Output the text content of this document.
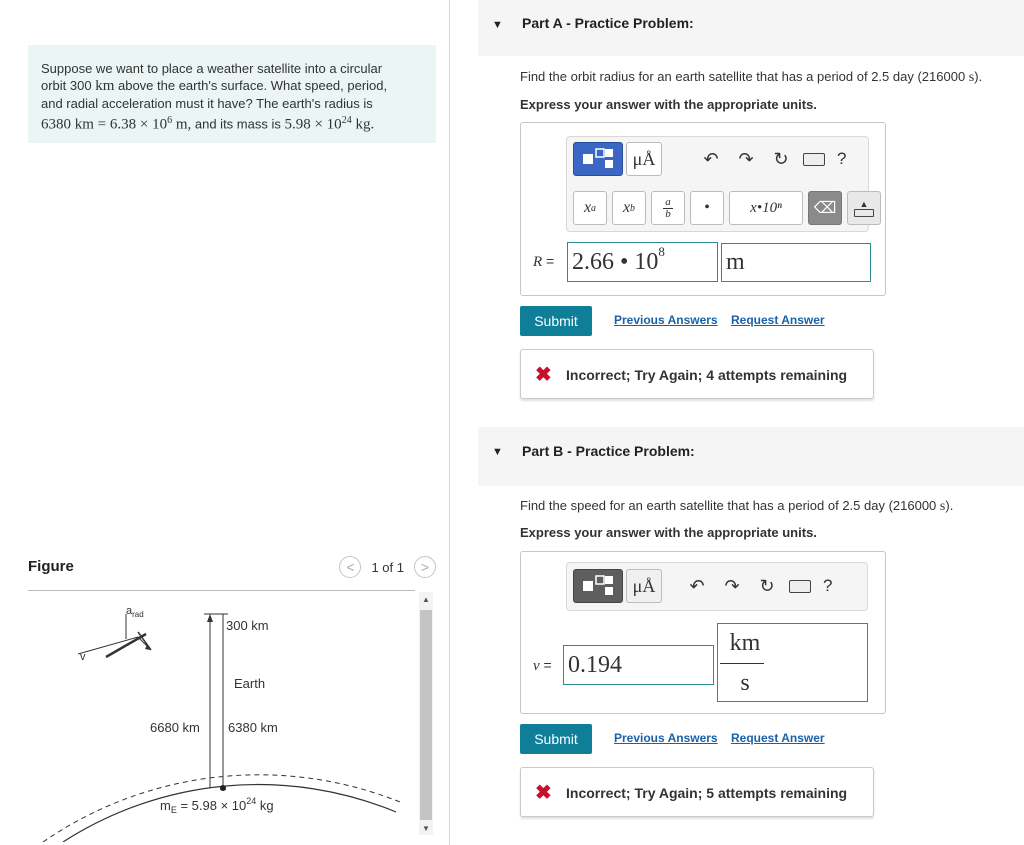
Suppose we want to place a weather satellite into a circular
orbit 300 km above the earth's surface. What speed, period,
and radial acceleration must it have? The earth's radius is
6380 km = $6.38 \times 10^6$ m, and its mass is $5.98 \times 10^{24}$ kg.
Figure	<	1 of 1	>
$a_{rad}$
v
300 km
Earth
6680 km 6380 km
$m_E = 5.98 \times 10^{24}$ kg
▲
▼
▼ Part A - Practice Problem:
Find the orbit radius for an earth satellite that has a period of 2.5 day (216000 s).
Express your answer with the appropriate units.
μÅ	↶	↷	↻	?
x a x b
a
b	•	x•10ⁿ	⌫	▲
R = 2.66 • $10^8$	m
Submit	Previous Answers Request Answer
✖ Incorrect; Try Again; 4 attempts remaining
▼ Part B - Practice Problem:
Find the speed for an earth satellite that has a period of 2.5 day (216000 s).
Express your answer with the appropriate units.
μÅ	↶	↷	↻	?
v = 0.194
km
s
Submit	Previous Answers Request Answer
✖ Incorrect; Try Again; 5 attempts remaining
